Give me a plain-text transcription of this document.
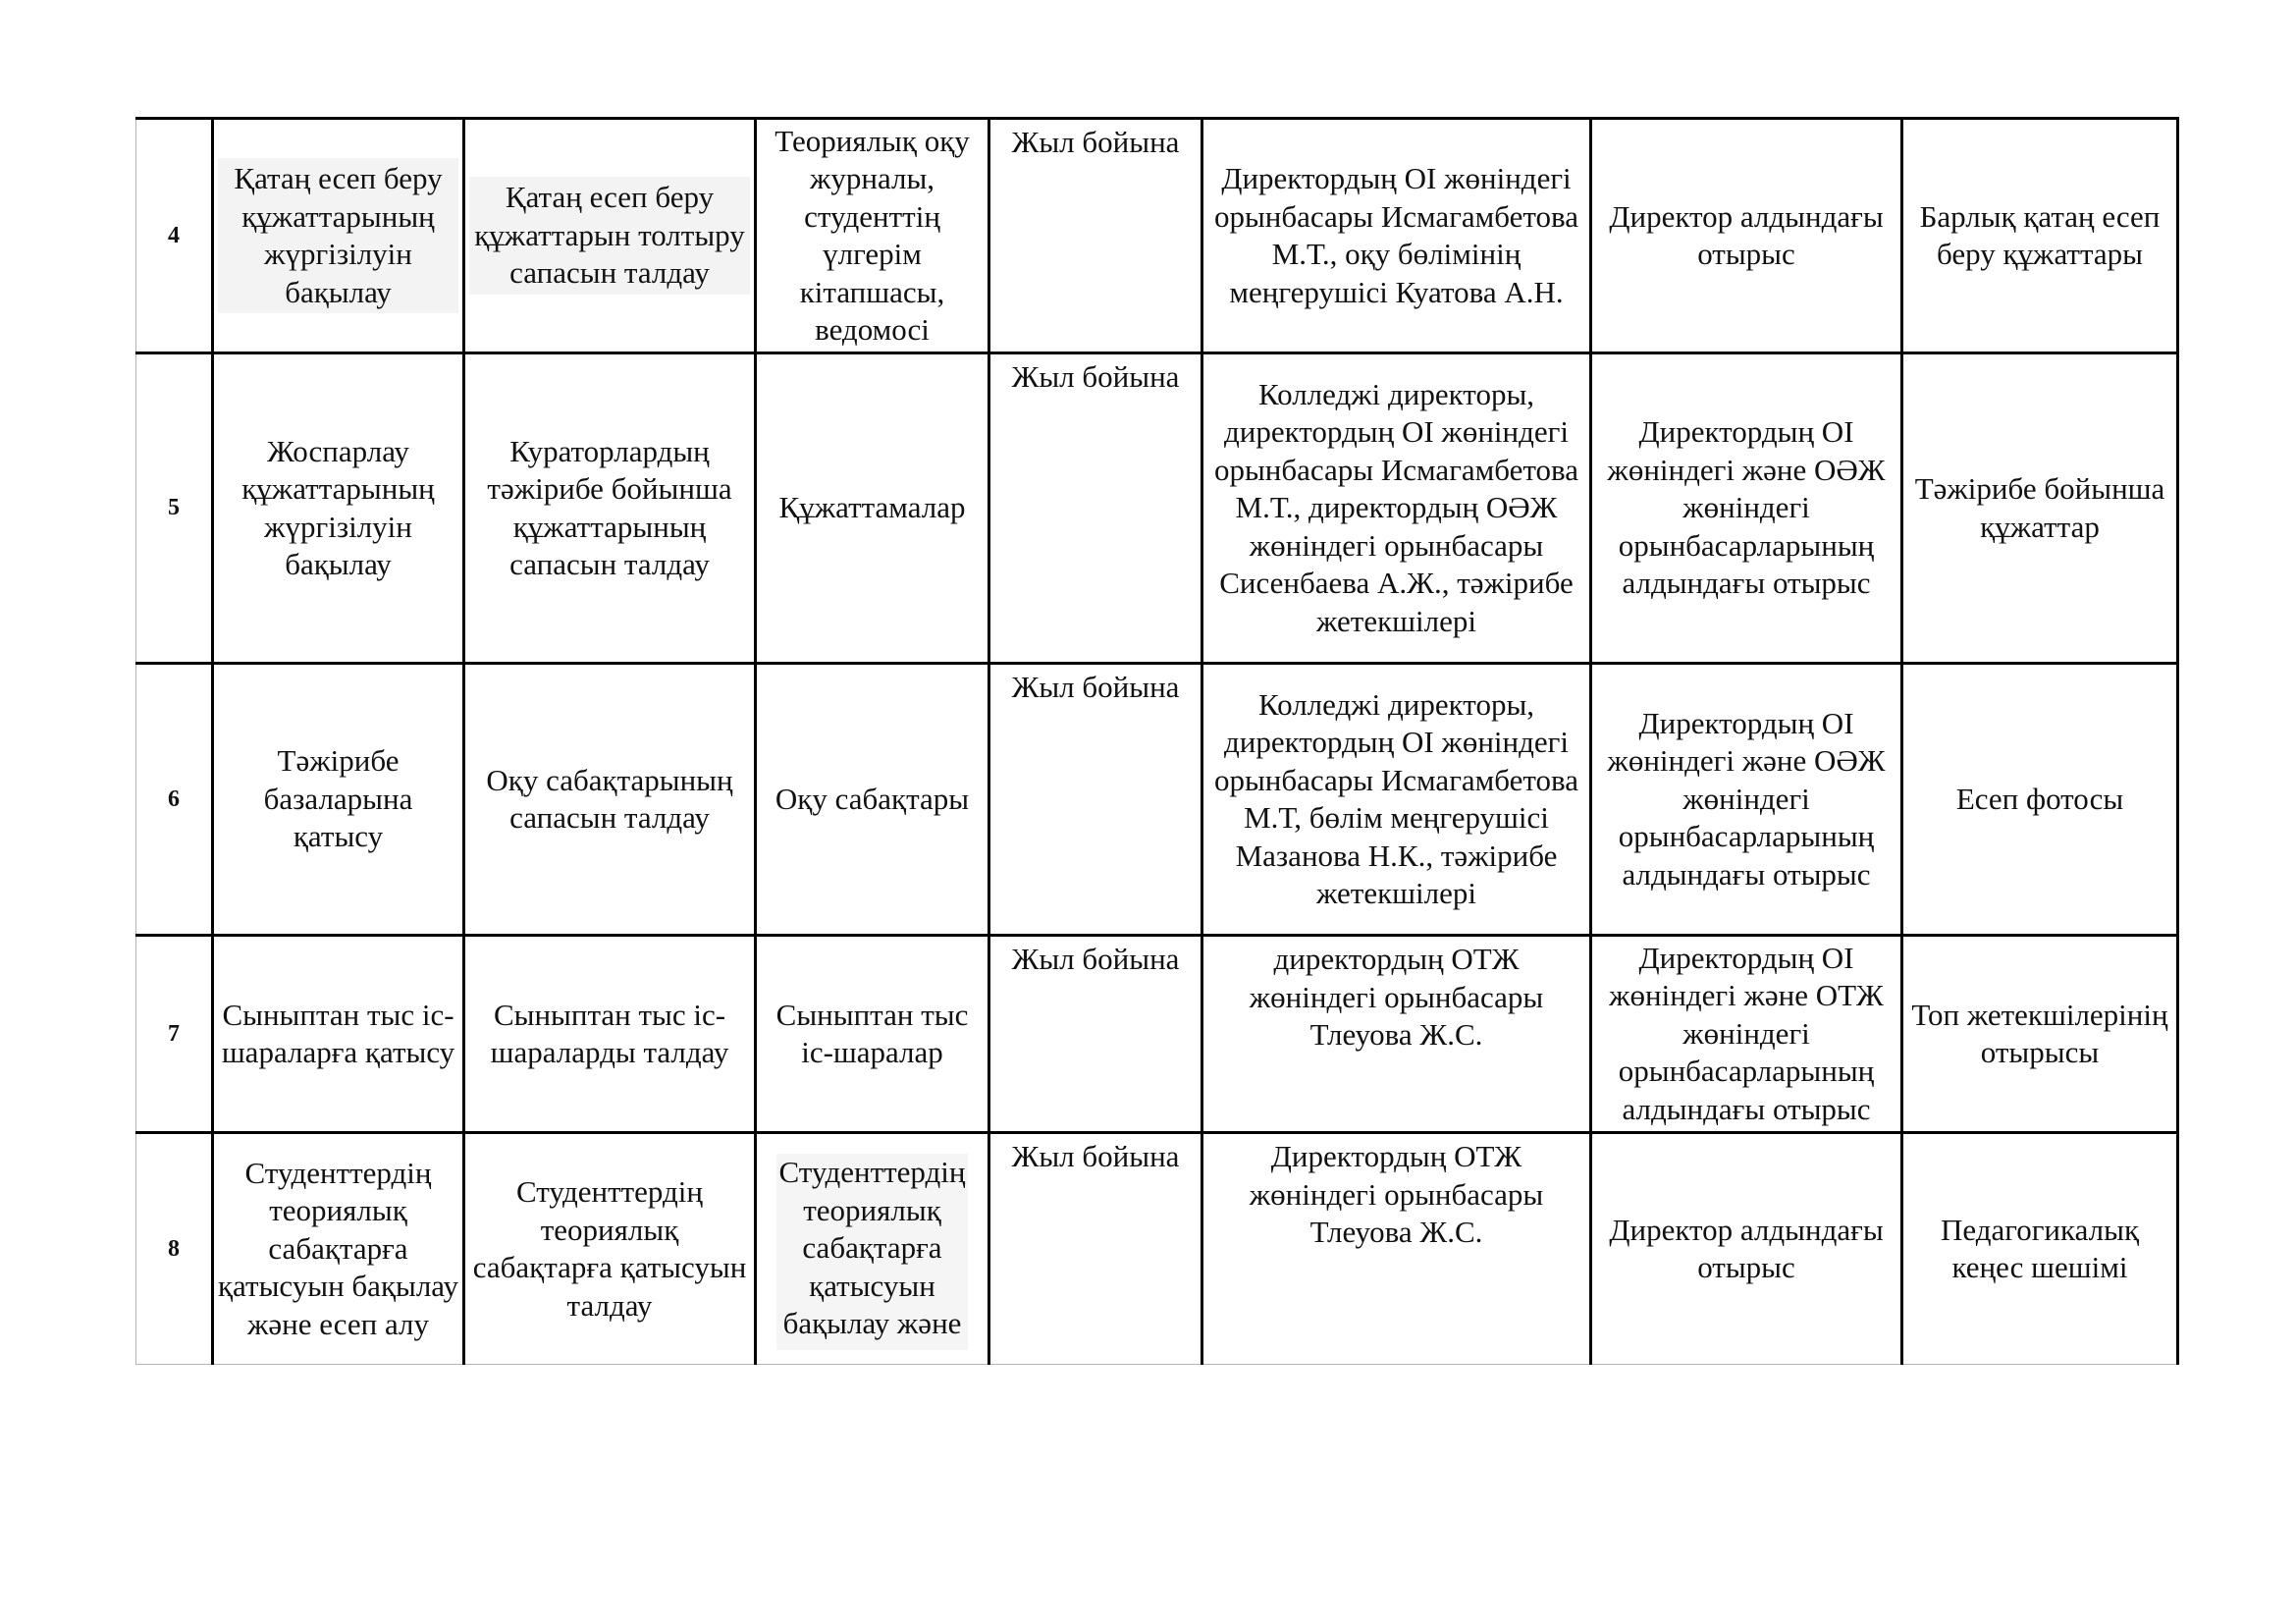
4	Қатаң есеп беру құжаттарының жүргізілуін бақылау	Қатаң есеп беру құжаттарын толтыру сапасын талдау	Теориялық оқу журналы, студенттің үлгерім кітапшасы, ведомосі	Жыл бойына	Директордың ОІ жөніндегі орынбасары Исмагамбетова М.Т., оқу бөлімінің меңгерушісі Куатова А.Н.	Директор алдындағы отырыс	Барлық қатаң есеп беру құжаттары
5	Жоспарлау құжаттарының жүргізілуін бақылау	Кураторлардың тәжірибе бойынша құжаттарының сапасын талдау	Құжаттамалар	Жыл бойына	Колледжі директоры, директордың ОІ жөніндегі орынбасары Исмагамбетова М.Т., директордың ОӘЖ жөніндегі орынбасары Сисенбаева А.Ж., тәжірибе жетекшілері	Директордың ОІ жөніндегі және ОӘЖ жөніндегі орынбасарларының алдындағы отырыс	Тәжірибе бойынша құжаттар
6	Тәжірибе базаларына қатысу	Оқу сабақтарының сапасын талдау	Оқу сабақтары	Жыл бойына	Колледжі директоры, директордың ОІ жөніндегі орынбасары Исмагамбетова М.Т, бөлім меңгерушісі Мазанова Н.К., тәжірибе жетекшілері	Директордың ОІ жөніндегі және ОӘЖ жөніндегі орынбасарларының алдындағы отырыс	Есеп фотосы
7	Сыныптан тыс іс-шараларға қатысу	Сыныптан тыс іс-шараларды талдау	Сыныптан тыс іс-шаралар	Жыл бойына	директордың ОТЖ жөніндегі орынбасары Тлеуова Ж.С.	Директордың ОІ жөніндегі және ОТЖ жөніндегі орынбасарларының алдындағы отырыс	Топ жетекшілерінің отырысы
8	Студенттердің теориялық сабақтарға қатысуын бақылау және есеп алу	Студенттердің теориялық сабақтарға қатысуын талдау	Студенттердің теориялық сабақтарға қатысуын бақылау және	Жыл бойына	Директордың ОТЖ жөніндегі орынбасары Тлеуова Ж.С.	Директор алдындағы отырыс	Педагогикалық кеңес шешімі
